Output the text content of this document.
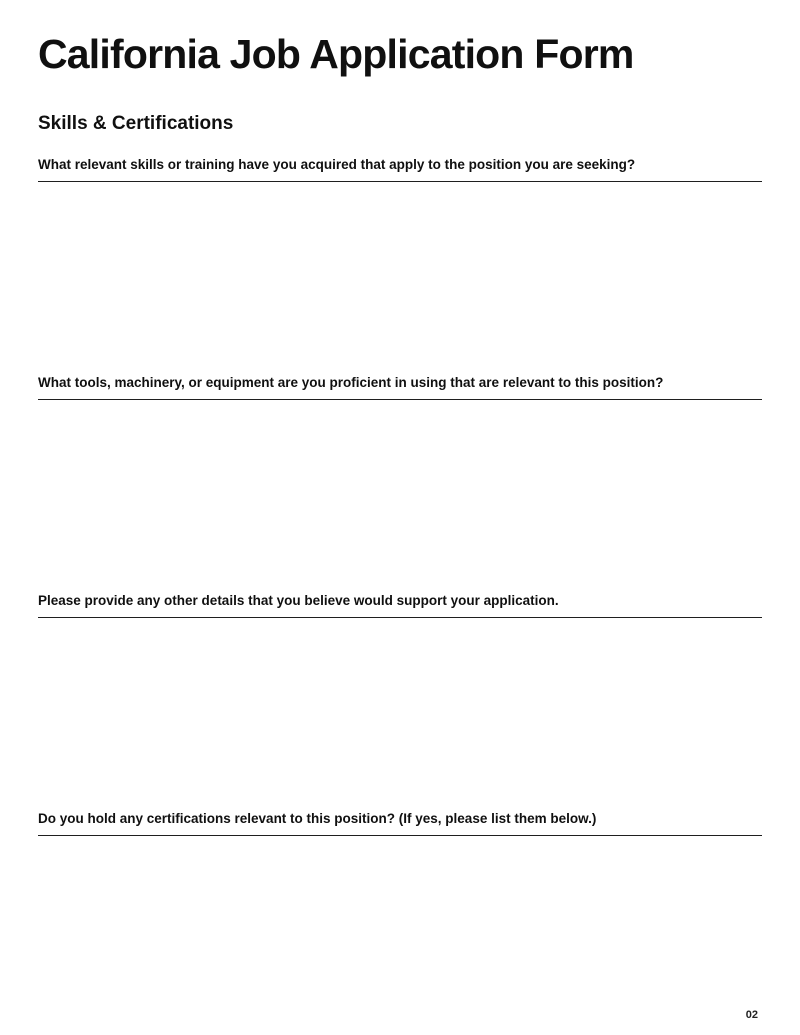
California Job Application Form
Skills & Certifications
What relevant skills or training have you acquired that apply to the position you are seeking?
What tools, machinery, or equipment are you proficient in using that are relevant to this position?
Please provide any other details that you believe would support your application.
Do you hold any certifications relevant to this position? (If yes, please list them below.)
02
